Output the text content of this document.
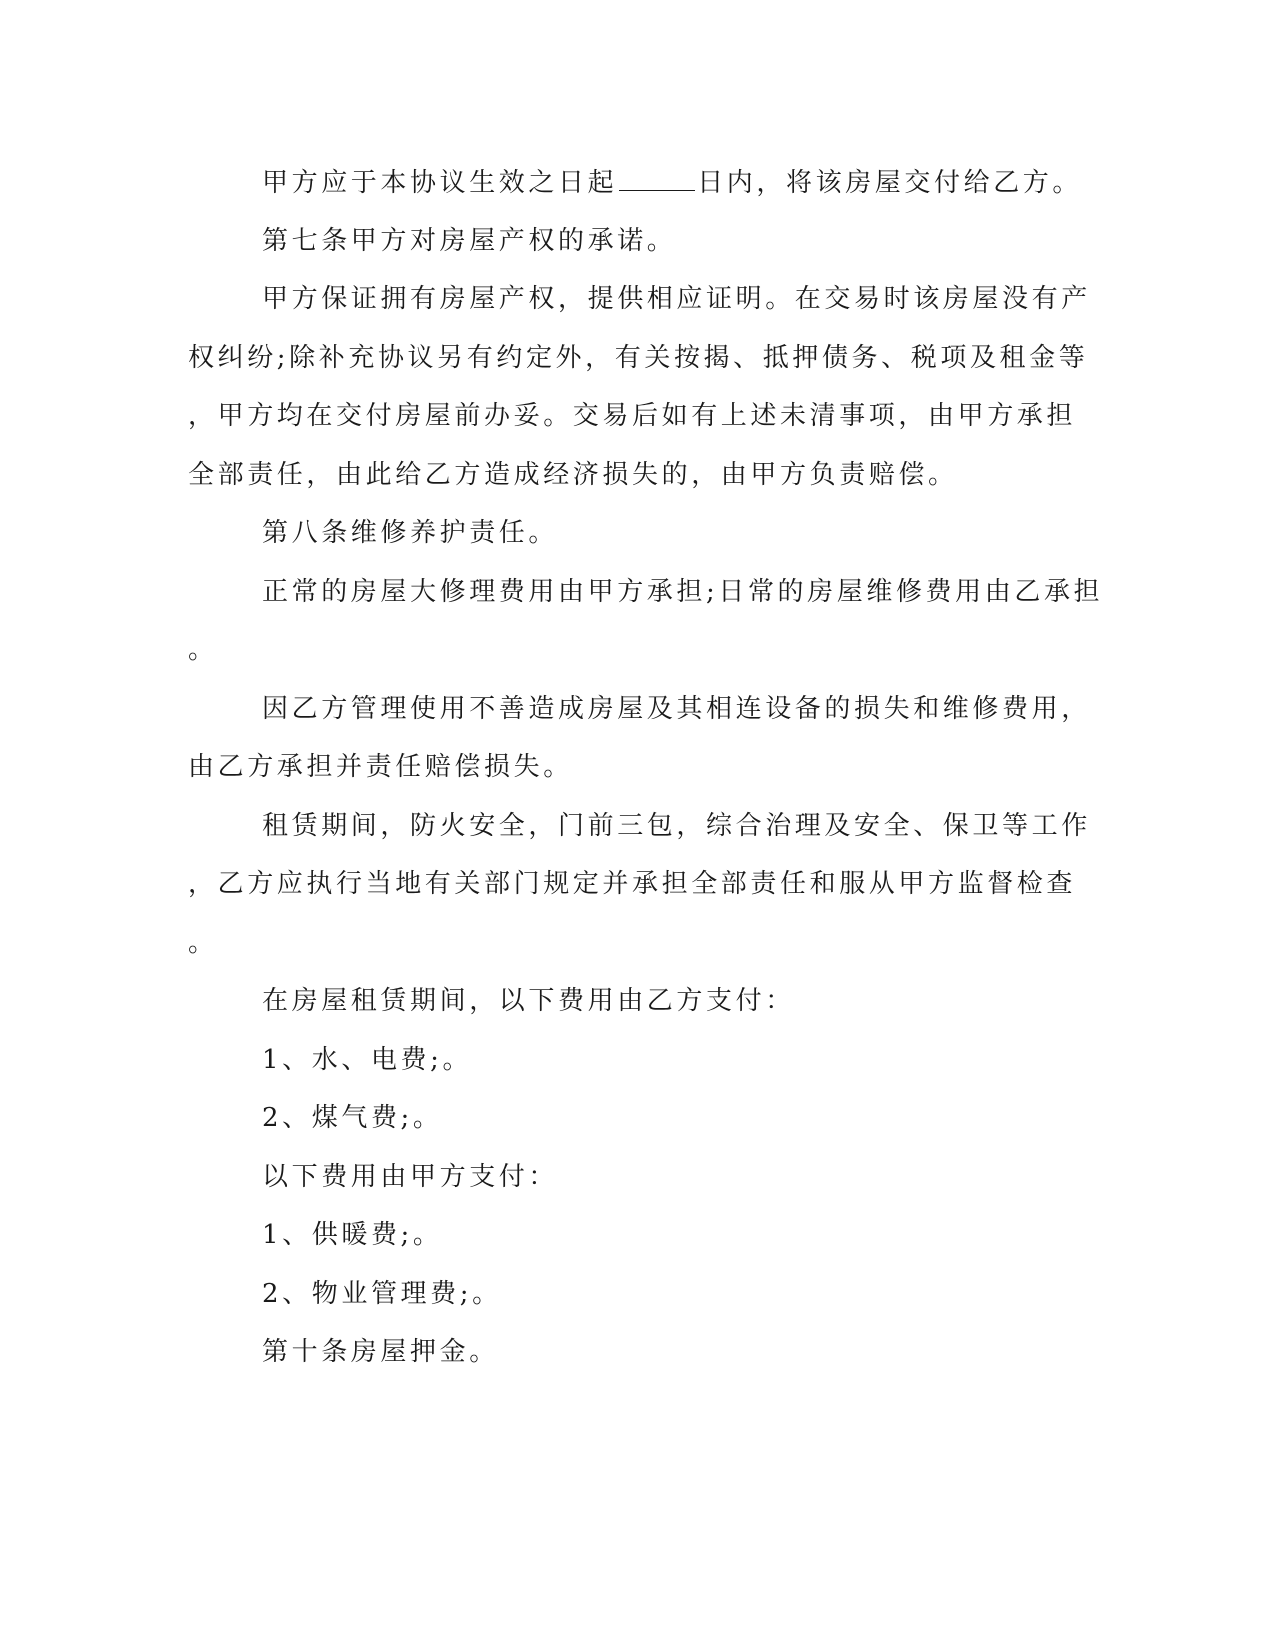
甲方应于本协议生效之日起	日内，将该房屋交付给乙方。
第七条甲方对房屋产权的承诺。
甲方保证拥有房屋产权，提供相应证明。在交易时该房屋没有产
权纠纷;除补充协议另有约定外，有关按揭、抵押债务、税项及租金等
，甲方均在交付房屋前办妥。交易后如有上述未清事项，由甲方承担
全部责任，由此给乙方造成经济损失的，由甲方负责赔偿。
第八条维修养护责任。
正常的房屋大修理费用由甲方承担;日常的房屋维修费用由乙承担
。
因乙方管理使用不善造成房屋及其相连设备的损失和维修费用，
由乙方承担并责任赔偿损失。
租赁期间，防火安全，门前三包，综合治理及安全、保卫等工作
，乙方应执行当地有关部门规定并承担全部责任和服从甲方监督检查
。
在房屋租赁期间，以下费用由乙方支付：
1、水、电费;。
2、煤气费;。
以下费用由甲方支付：
1、供暖费;。
2、物业管理费;。
第十条房屋押金。
